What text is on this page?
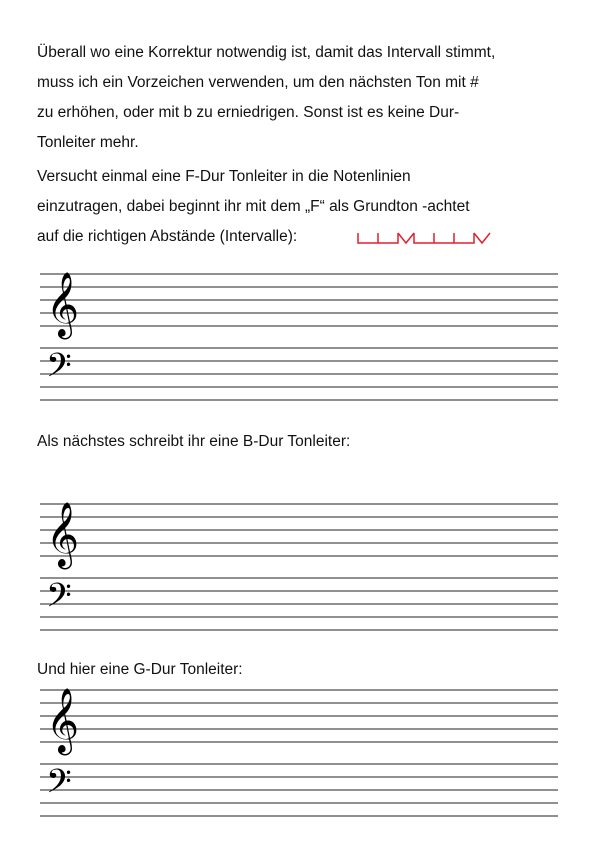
Überall wo eine Korrektur notwendig ist, damit das Intervall stimmt,
muss ich ein Vorzeichen verwenden, um den nächsten Ton mit #
zu erhöhen, oder mit b zu erniedrigen. Sonst ist es keine Dur-
Tonleiter mehr.
Versucht einmal eine F-Dur Tonleiter in die Notenlinien
einzutragen, dabei beginnt ihr mit dem „F“ als Grundton -achtet
auf die richtigen Abstände (Intervalle):
𝄞
𝄢
Als nächstes schreibt ihr eine B-Dur Tonleiter:
𝄞
𝄢
Und hier eine G-Dur Tonleiter:
𝄞
𝄢
